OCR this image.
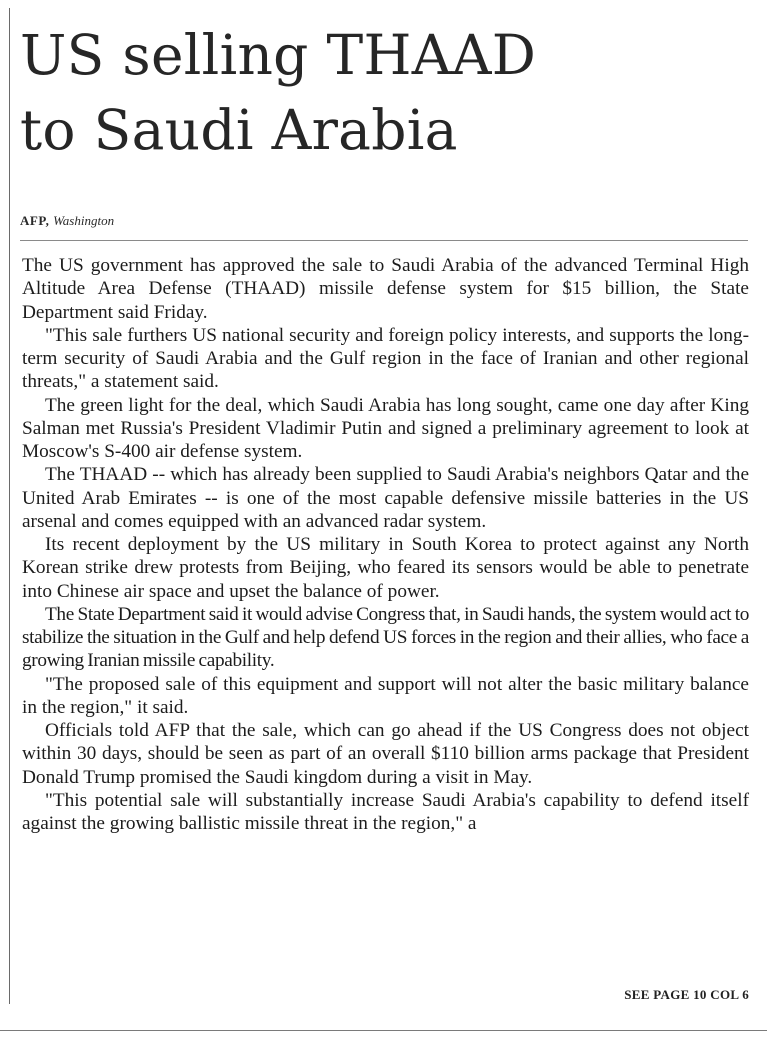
US selling THAAD
to Saudi Arabia
AFP, Washington

The US government has approved the sale to Saudi Arabia of the advanced Terminal High Altitude Area Defense (THAAD) missile defense system for $15 billion, the State Department said Friday.

"This sale furthers US national security and foreign policy interests, and supports the long-term security of Saudi Arabia and the Gulf region in the face of Iranian and other regional threats," a statement said.

The green light for the deal, which Saudi Arabia has long sought, came one day after King Salman met Russia's President Vladimir Putin and signed a preliminary agreement to look at Moscow's S-400 air defense system.

The THAAD -- which has already been supplied to Saudi Arabia's neighbors Qatar and the United Arab Emirates -- is one of the most capable defensive missile batteries in the US arsenal and comes equipped with an advanced radar system.

Its recent deployment by the US military in South Korea to protect against any North Korean strike drew protests from Beijing, who feared its sensors would be able to penetrate into Chinese air space and upset the balance of power.

The State Department said it would advise Congress that, in Saudi hands, the system would act to stabilize the situation in the Gulf and help defend US forces in the region and their allies, who face a growing Iranian missile capability.

"The proposed sale of this equipment and support will not alter the basic military balance in the region," it said.

Officials told AFP that the sale, which can go ahead if the US Congress does not object within 30 days, should be seen as part of an overall $110 billion arms package that President Donald Trump promised the Saudi kingdom during a visit in May.

"This potential sale will substantially increase Saudi Arabia's capability to defend itself against the growing ballistic missile threat in the region," a

SEE PAGE 10 COL 6
